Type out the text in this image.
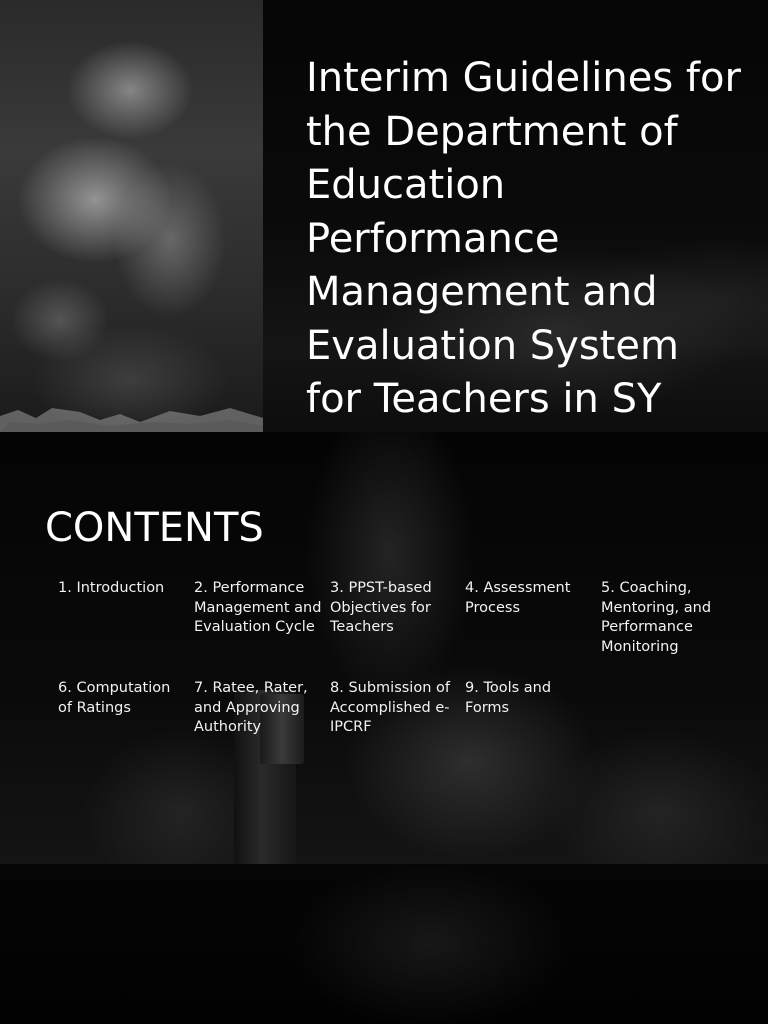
Interim Guidelines for the Department of Education Performance Management and Evaluation System for Teachers in SY
CONTENTS
1. Introduction	2. Performance Management and Evaluation Cycle
3. PPST-based Objectives for Teachers
4. Assessment Process
5. Coaching, Mentoring, and Performance Monitoring
6. Computation of Ratings
7. Ratee, Rater, and Approving Authority
8. Submission of Accomplished e-IPCRF
9. Tools and Forms
